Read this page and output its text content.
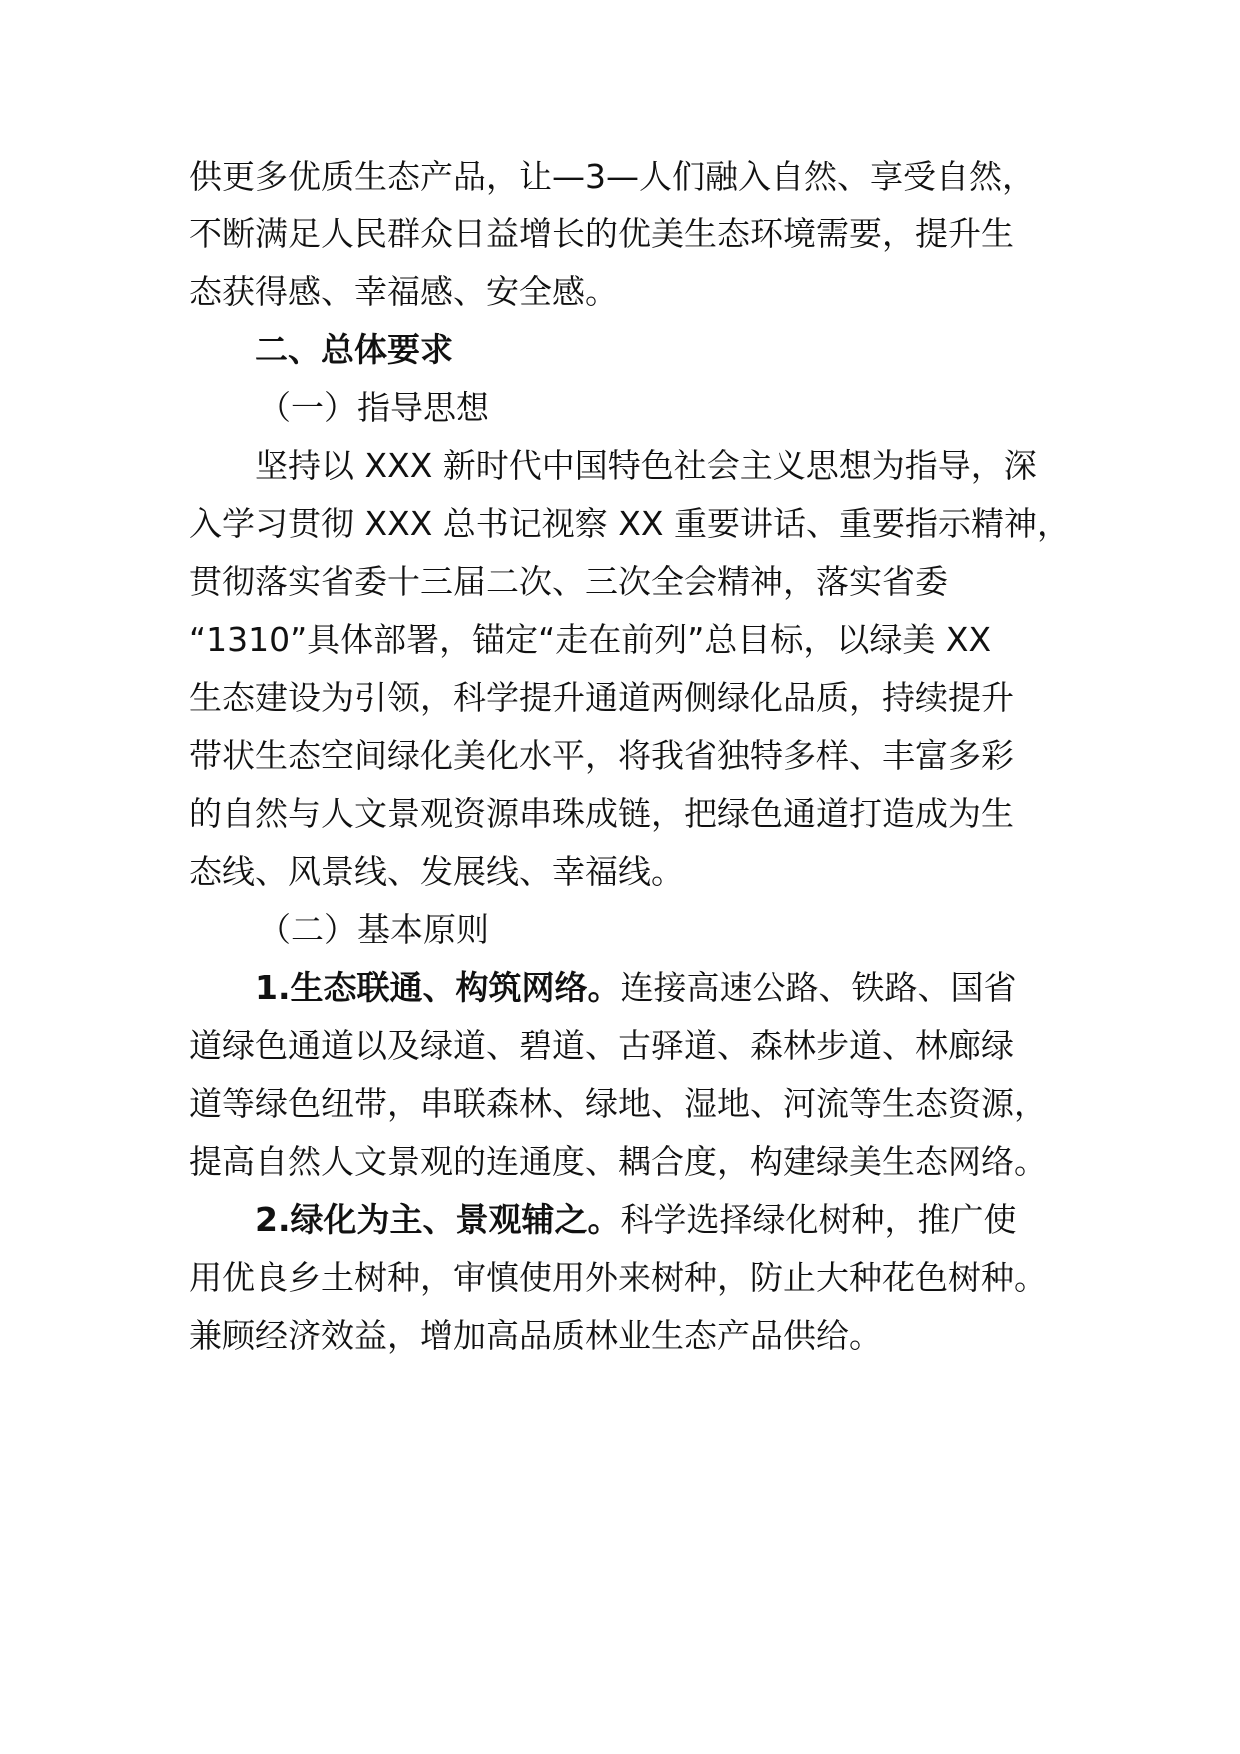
供更多优质生态产品，让—3—人们融入自然、享受自然，
不断满足人民群众日益增长的优美生态环境需要，提升生
态获得感、幸福感、安全感。
二、总体要求
（一）指导思想
坚持以 XXX 新时代中国特色社会主义思想为指导，深
入学习贯彻 XXX 总书记视察 XX 重要讲话、重要指示精神，
贯彻落实省委十三届二次、三次全会精神，落实省委
“1310”具体部署，锚定“走在前列”总目标，以绿美 XX
生态建设为引领，科学提升通道两侧绿化品质，持续提升
带状生态空间绿化美化水平，将我省独特多样、丰富多彩
的自然与人文景观资源串珠成链，把绿色通道打造成为生
态线、风景线、发展线、幸福线。
（二）基本原则
1.生态联通、构筑网络。连接高速公路、铁路、国省
道绿色通道以及绿道、碧道、古驿道、森林步道、林廊绿
道等绿色纽带，串联森林、绿地、湿地、河流等生态资源，
提高自然人文景观的连通度、耦合度，构建绿美生态网络。
2.绿化为主、景观辅之。科学选择绿化树种，推广使
用优良乡土树种，审慎使用外来树种，防止大种花色树种。
兼顾经济效益，增加高品质林业生态产品供给。
